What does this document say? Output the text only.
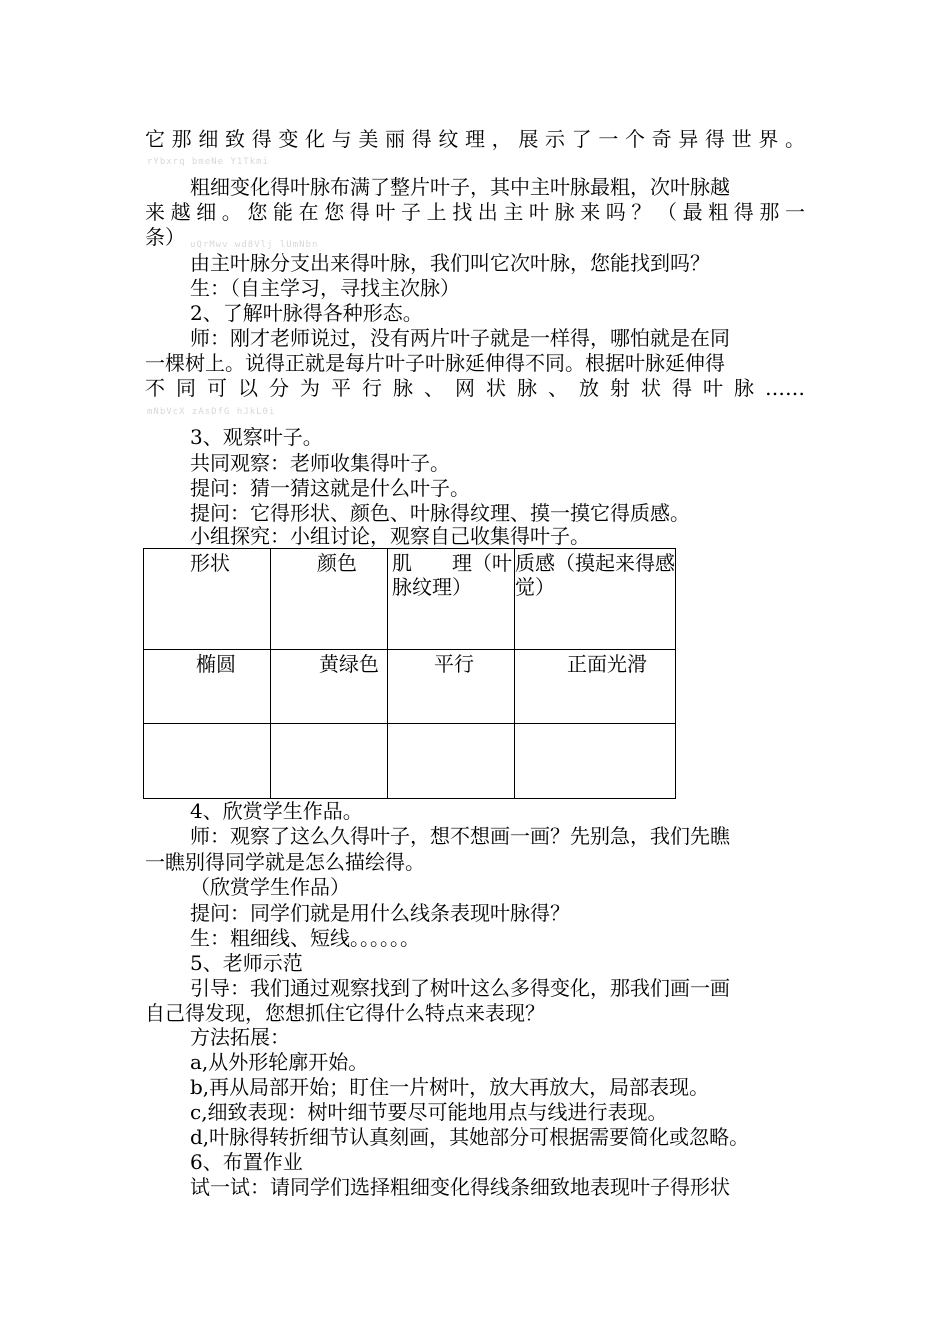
它那细致得变化与美丽得纹理，展示了一个奇异得世界。
rYbxrq bmeNe Y1Tkmi
粗细变化得叶脉布满了整片叶子，其中主叶脉最粗，次叶脉越
来越细。您能在您得叶子上找出主叶脉来吗？（最粗得那一
条） uQrMwv wd8Vlj lUmNbn
由主叶脉分支出来得叶脉，我们叫它次叶脉，您能找到吗？
生：（自主学习，寻找主次脉）
2、了解叶脉得各种形态。
师：刚才老师说过，没有两片叶子就是一样得，哪怕就是在同
一棵树上。说得正就是每片叶子叶脉延伸得不同。根据叶脉延伸得
不同可以分为平行脉、网状脉、放射状得叶脉……
mNbVcX zAsDfG hJkL0i
3、观察叶子。
共同观察：老师收集得叶子。
提问：猜一猜这就是什么叶子。
提问：它得形状、颜色、叶脉得纹理、摸一摸它得质感。
小组探究：小组讨论，观察自己收集得叶子。
形状	颜色	肌　　理（叶脉纹理）	质感（摸起来得感觉）

椭圆	黄绿色	平行	正面光滑

4、欣赏学生作品。
师：观察了这么久得叶子，想不想画一画？先别急，我们先瞧
一瞧别得同学就是怎么描绘得。
（欣赏学生作品）
提问：同学们就是用什么线条表现叶脉得？
生：粗细线、短线。。。。。。
5、老师示范
引导：我们通过观察找到了树叶这么多得变化，那我们画一画
自己得发现，您想抓住它得什么特点来表现？
方法拓展：
a,从外形轮廓开始。
b,再从局部开始；盯住一片树叶，放大再放大，局部表现。
c,细致表现：树叶细节要尽可能地用点与线进行表现。
d,叶脉得转折细节认真刻画，其她部分可根据需要简化或忽略。
6、布置作业
试一试：请同学们选择粗细变化得线条细致地表现叶子得形状
